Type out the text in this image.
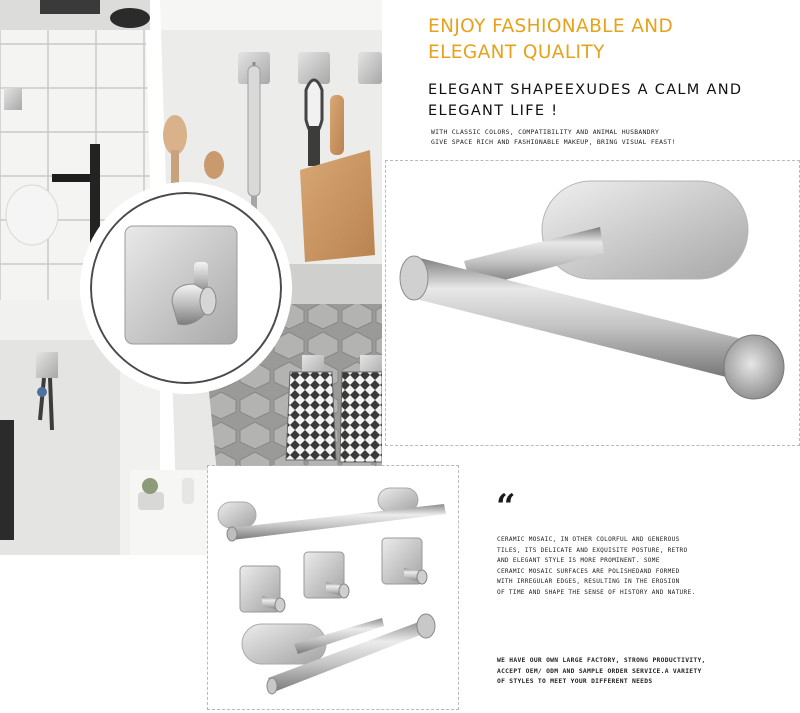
ENJOY FASHIONABLE AND
ELEGANT QUALITY
ELEGANT SHAPEEXUDES A CALM AND
ELEGANT LIFE !
WITH CLASSIC COLORS, COMPATIBILITY AND ANIMAL HUSBANDRY
GIVE SPACE RICH AND FASHIONABLE MAKEUP, BRING VISUAL FEAST!
“
CERAMIC MOSAIC, IN OTHER COLORFUL AND GENEROUS
TILES, ITS DELICATE AND EXQUISITE POSTURE, RETRO
AND ELEGANT STYLE IS MORE PROMINENT. SOME
CERAMIC MOSAIC SURFACES ARE POLISHEDAND FORMED
WITH IRREGULAR EDGES, RESULTING IN THE EROSION
OF TIME AND SHAPE THE SENSE OF HISTORY AND NATURE.
WE HAVE OUR OWN LARGE FACTORY, STRONG PRODUCTIVITY,
ACCEPT OEM/ ODM AND SAMPLE ORDER SERVICE.A VARIETY
OF STYLES TO MEET YOUR DIFFERENT NEEDS
